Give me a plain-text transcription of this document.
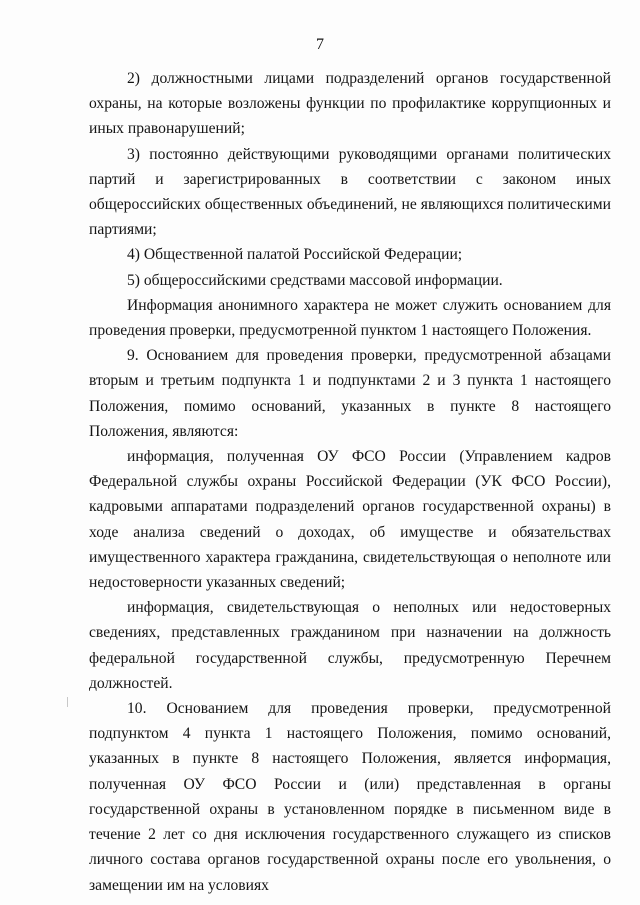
7

2) должностными лицами подразделений органов государственной охраны, на которые возложены функции по профилактике коррупционных и иных правонарушений;

3) постоянно действующими руководящими органами политических партий и зарегистрированных в соответствии с законом иных общероссийских общественных объединений, не являющихся политическими партиями;

4) Общественной палатой Российской Федерации;

5) общероссийскими средствами массовой информации.

Информация анонимного характера не может служить основанием для проведения проверки, предусмотренной пунктом 1 настоящего Положения.

9. Основанием для проведения проверки, предусмотренной абзацами вторым и третьим подпункта 1 и подпунктами 2 и 3 пункта 1 настоящего Положения, помимо оснований, указанных в пункте 8 настоящего Положения, являются:

информация, полученная ОУ ФСО России (Управлением кадров Федеральной службы охраны Российской Федерации (УК ФСО России), кадровыми аппаратами подразделений органов государственной охраны) в ходе анализа сведений о доходах, об имуществе и обязательствах имущественного характера гражданина, свидетельствующая о неполноте или недостоверности указанных сведений;

информация, свидетельствующая о неполных или недостоверных сведениях, представленных гражданином при назначении на должность федеральной государственной службы, предусмотренную Перечнем должностей.

10. Основанием для проведения проверки, предусмотренной подпунктом 4 пункта 1 настоящего Положения, помимо оснований, указанных в пункте 8 настоящего Положения, является информация, полученная ОУ ФСО России и (или) представленная в органы государственной охраны в установленном порядке в письменном виде в течение 2 лет со дня исключения государственного служащего из списков личного состава органов государственной охраны после его увольнения, о замещении им на условиях
